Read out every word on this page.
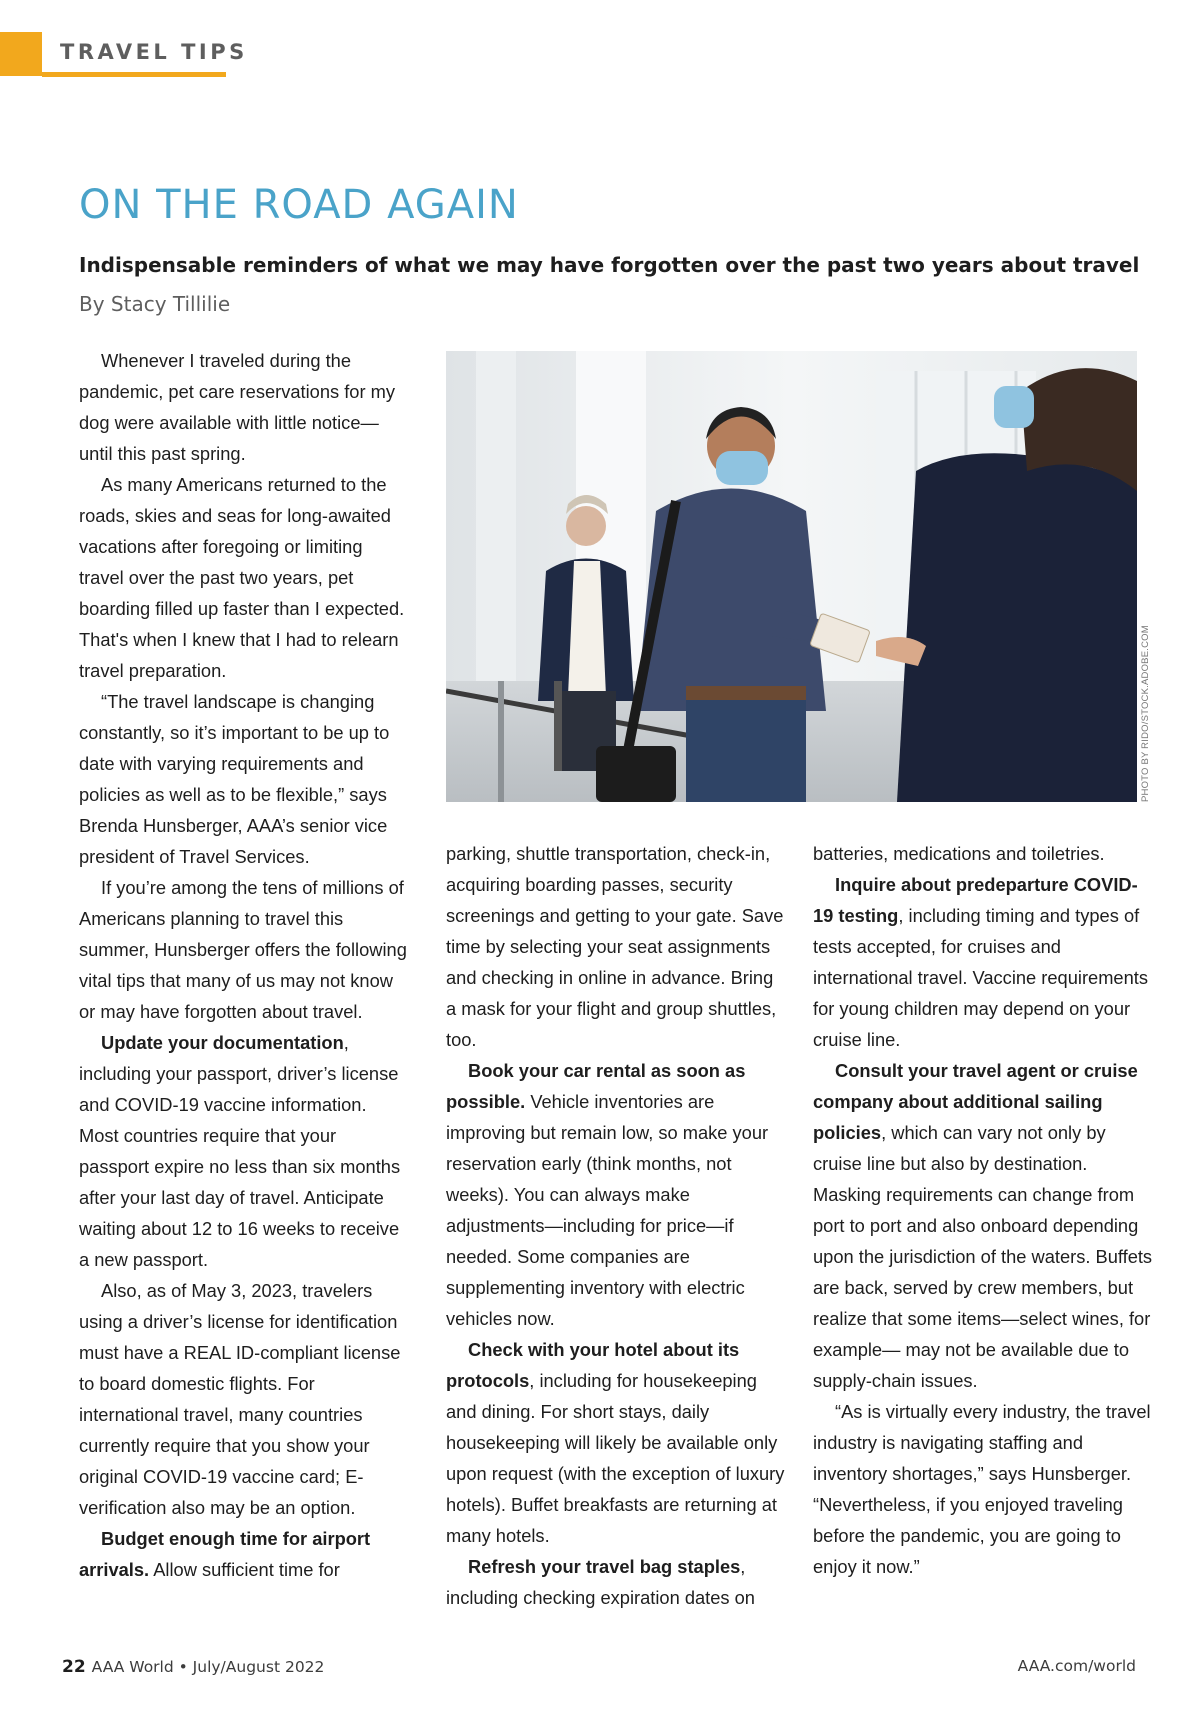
TRAVEL TIPS
ON THE ROAD AGAIN
Indispensable reminders of what we may have forgotten over the past two years about travel
By Stacy Tillilie

Whenever I traveled during the pandemic, pet care reservations for my dog were available with little notice— until this past spring.

As many Americans returned to the roads, skies and seas for long-awaited vacations after foregoing or limiting travel over the past two years, pet boarding filled up faster than I expected. That's when I knew that I had to relearn travel preparation.

“The travel landscape is changing constantly, so it’s important to be up to date with varying requirements and policies as well as to be flexible,” says Brenda Hunsberger, AAA’s senior vice president of Travel Services.

If you’re among the tens of millions of Americans planning to travel this summer, Hunsberger offers the following vital tips that many of us may not know or may have forgotten about travel.

Update your documentation, including your passport, driver’s license and COVID-19 vaccine information. Most countries require that your passport expire no less than six months after your last day of travel. Anticipate waiting about 12 to 16 weeks to receive a new passport.

Also, as of May 3, 2023, travelers using a driver’s license for identification must have a REAL ID-compliant license to board domestic flights. For international travel, many countries currently require that you show your original COVID-19 vaccine card; E-verification also may be an option.

Budget enough time for airport arrivals. Allow sufficient time for

PHOTO BY RIDO/STOCK.ADOBE.COM

parking, shuttle transportation, check-in, acquiring boarding passes, security screenings and getting to your gate. Save time by selecting your seat assignments and checking in online in advance. Bring a mask for your flight and group shuttles, too.

Book your car rental as soon as possible. Vehicle inventories are improving but remain low, so make your reservation early (think months, not weeks). You can always make adjustments—including for price—if needed. Some companies are supplementing inventory with electric vehicles now.

Check with your hotel about its protocols, including for housekeeping and dining. For short stays, daily housekeeping will likely be available only upon request (with the exception of luxury hotels). Buffet breakfasts are returning at many hotels.

Refresh your travel bag staples, including checking expiration dates on

batteries, medications and toiletries.

Inquire about predeparture COVID-19 testing, including timing and types of tests accepted, for cruises and international travel. Vaccine requirements for young children may depend on your cruise line.

Consult your travel agent or cruise company about additional sailing policies, which can vary not only by cruise line but also by destination. Masking requirements can change from port to port and also onboard depending upon the jurisdiction of the waters. Buffets are back, served by crew members, but realize that some items—select wines, for example— may not be available due to supply-chain issues.

“As is virtually every industry, the travel industry is navigating staffing and inventory shortages,” says Hunsberger. “Nevertheless, if you enjoyed traveling before the pandemic, you are going to enjoy it now.”

22 AAA World • July/August 2022	AAA.com/world
